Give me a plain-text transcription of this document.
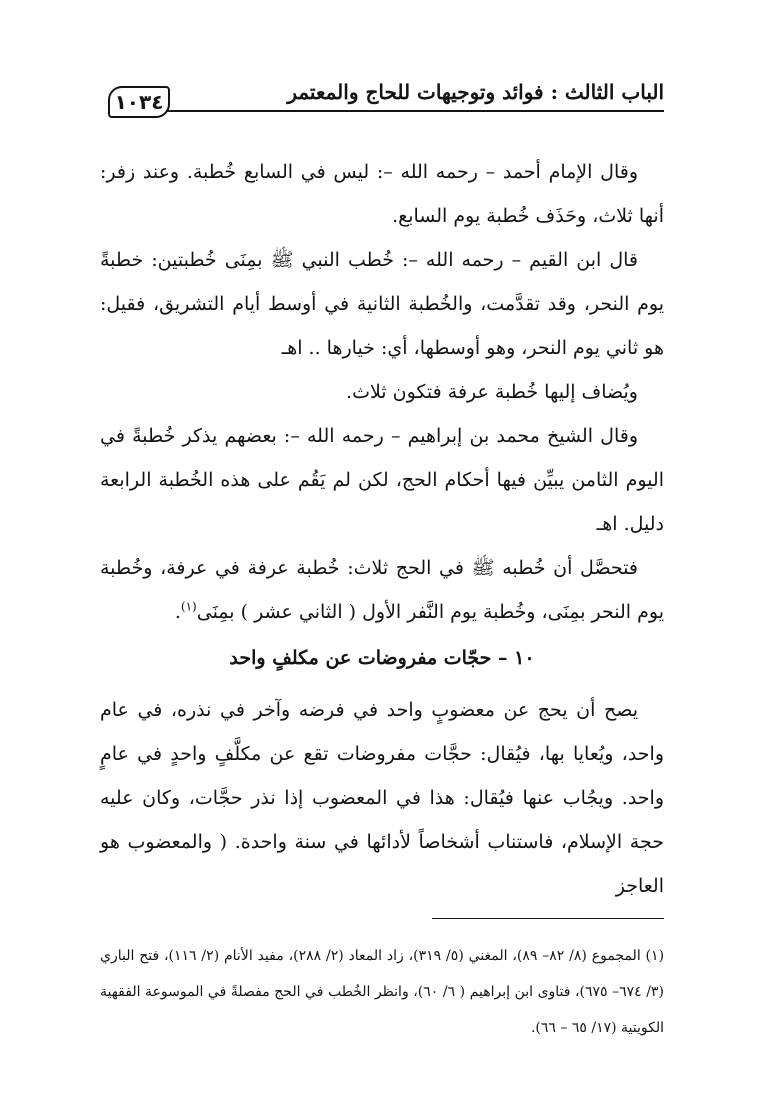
١٠٣٤	الباب الثالث : فوائد وتوجيهات للحاج والمعتمر

وقال الإمام أحمد – رحمه الله –: ليس في السابع خُطبة. وعند زفر: أنها ثلاث، وحَذَف خُطبة يوم السابع.

قال ابن القيم – رحمه الله –: خُطب النبي ﷺ بمِنَى خُطبتين: خطبةً يوم النحر، وقد تقدَّمت، والخُطبة الثانية في أوسط أيام التشريق، فقيل: هو ثاني يوم النحر، وهو أوسطها، أي: خيارها .. اهـ

ويُضاف إليها خُطبة عرفة فتكون ثلاث.

وقال الشيخ محمد بن إبراهيم – رحمه الله –: بعضهم يذكر خُطبةً في اليوم الثامن يبيِّن فيها أحكام الحج، لكن لم يَقُم على هذه الخُطبة الرابعة دليل. اهـ

فتحصَّل أن خُطبه ﷺ في الحج ثلاث: خُطبة عرفة في عرفة، وخُطبة يوم النحر بمِنَى، وخُطبة يوم النَّفر الأول ( الثاني عشر ) بمِنَى$^{(١)}$.

١٠ – حجّات مفروضات عن مكلفٍ واحد

يصح أن يحج عن معضوبٍ واحد في فرضه وآخر في نذره، في عام واحد، ويُعايا بها، فيُقال: حجَّات مفروضات تقع عن مكلَّفٍ واحدٍ في عامٍ واحد. ويجُاب عنها فيُقال: هذا في المعضوب إذا نذر حجَّات، وكان عليه حجة الإسلام، فاستناب أشخاصاً لأدائها في سنة واحدة. ( والمعضوب هو العاجز

(١) المجموع (٨/ ٨٢– ٨٩)، المغني (٥/ ٣١٩)، زاد المعاد (٢/ ٢٨٨)، مفيد الأنام (٢/ ١١٦)، فتح الباري (٣/ ٦٧٤– ٦٧٥)، فتاوى ابن إبراهيم ( ٦/ ٦٠)، وانظر الخُطب في الحج مفصلةً في الموسوعة الفقهية الكويتية (١٧/ ٦٥ – ٦٦).
